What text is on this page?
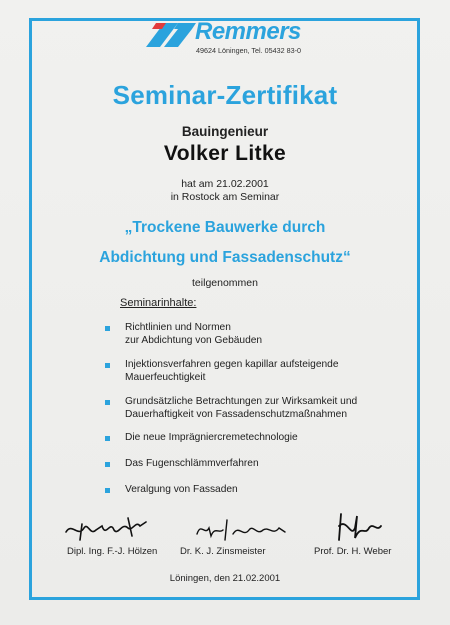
Remmers
49624 Löningen, Tel. 05432 83-0
Seminar-Zertifikat
Bauingenieur
Volker Litke
hat am 21.02.2001
in Rostock am Seminar
„Trockene Bauwerke durch
Abdichtung und Fassadenschutz“
teilgenommen
Seminarinhalte:
Richtlinien und Normen
zur Abdichtung von Gebäuden
Injektionsverfahren gegen kapillar aufsteigende
Mauerfeuchtigkeit
Grundsätzliche Betrachtungen zur Wirksamkeit und
Dauerhaftigkeit von Fassadenschutzmaßnahmen
Die neue Imprägniercremetechnologie
Das Fugenschlämmverfahren
Veralgung von Fassaden
Dipl. Ing. F.-J. Hölzen Dr. K. J. Zinsmeister	Prof. Dr. H. Weber
Löningen, den 21.02.2001
